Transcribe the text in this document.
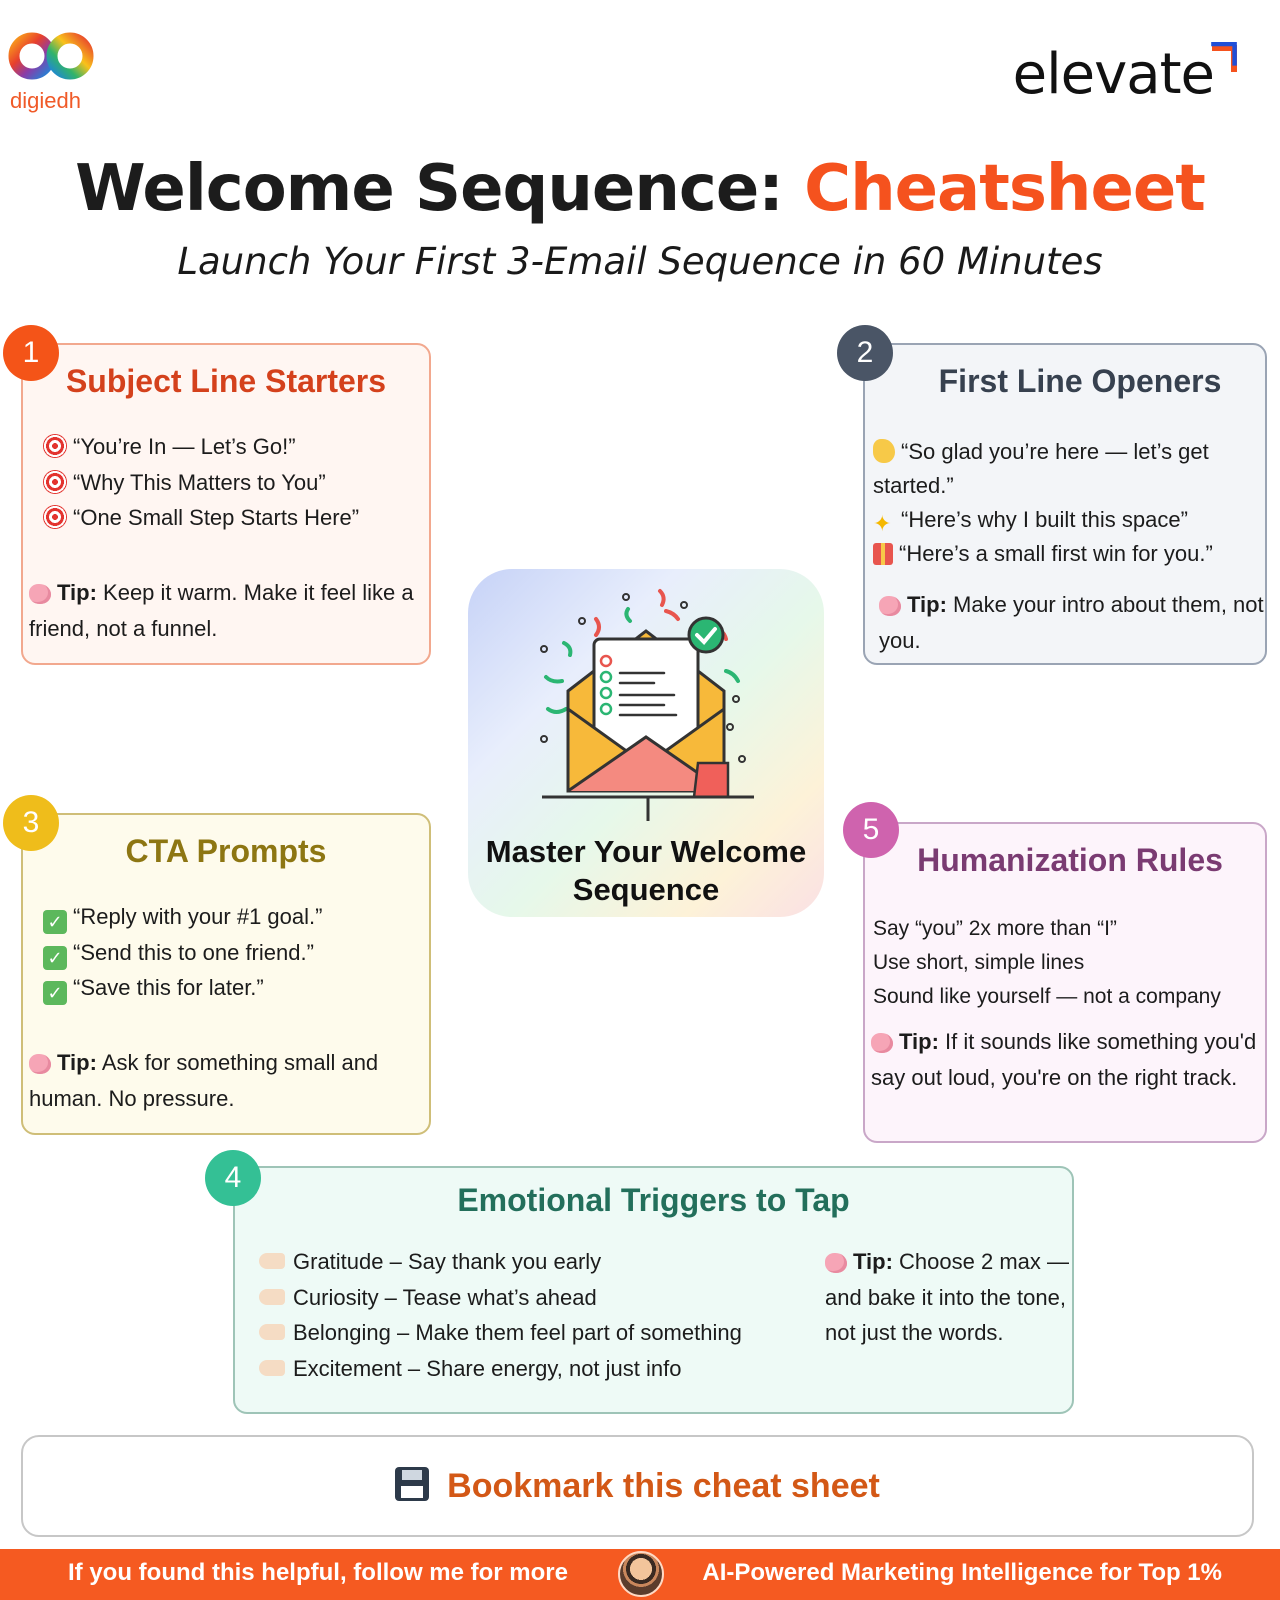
digiedh	elevate
Welcome Sequence: Cheatsheet
Launch Your First 3-Email Sequence in 60 Minutes
1
Subject Line Starters
“You’re In — Let’s Go!”
“Why This Matters to You”
“One Small Step Starts Here”

Tip: Keep it warm. Make it feel like a friend, not a funnel.

2
First Line Openers
“So glad you’re here — let’s get started.”
✦ “Here’s why I built this space”
“Here’s a small first win for you.”

Tip: Make your intro about them, not you.

Master Your Welcome Sequence
3
CTA Prompts
✓ “Reply with your #1 goal.”
✓ “Send this to one friend.”
✓ “Save this for later.”

Tip: Ask for something small and human. No pressure.

5
Humanization Rules
Say “you” 2x more than “I”
Use short, simple lines
Sound like yourself — not a company

Tip: If it sounds like something you'd say out loud, you're on the right track.

4
Emotional Triggers to Tap
Gratitude – Say thank you early
Curiosity – Tease what’s ahead
Belonging – Make them feel part of something
Excitement – Share energy, not just info

Tip: Choose 2 max — and bake it into the tone, not just the words.

Bookmark this cheat sheet
If you found this helpful, follow me for more	AI-Powered Marketing Intelligence for Top 1%
